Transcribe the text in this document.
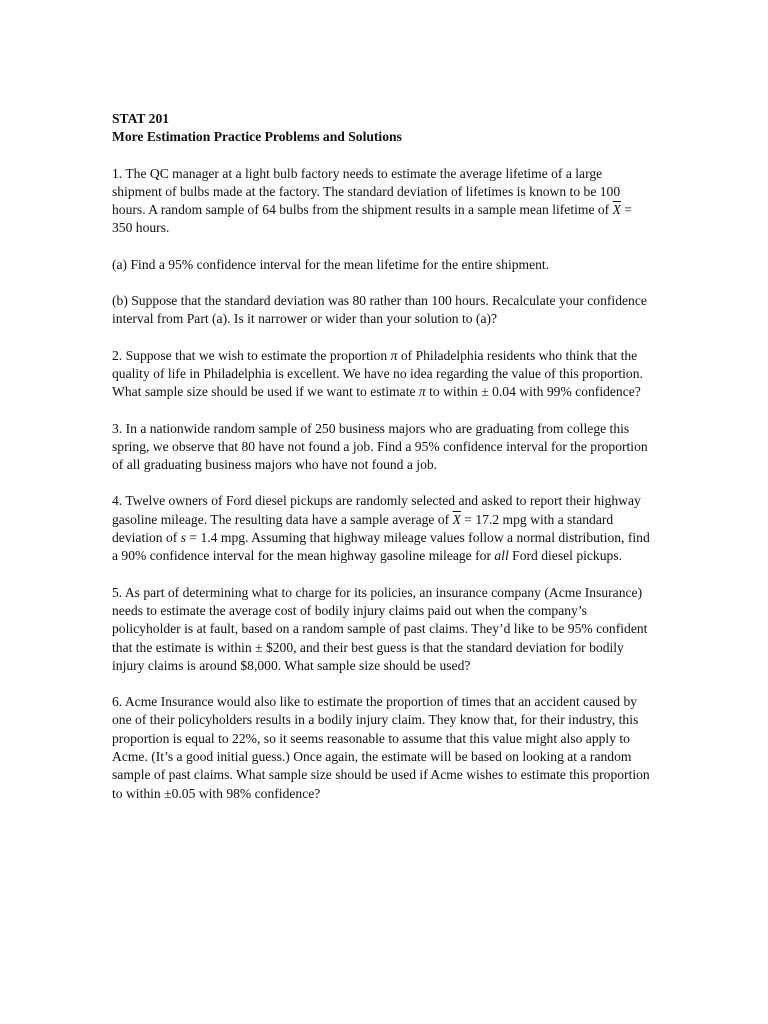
STAT 201
More Estimation Practice Problems and Solutions

1. The QC manager at a light bulb factory needs to estimate the average lifetime of a large shipment of bulbs made at the factory. The standard deviation of lifetimes is known to be 100 hours. A random sample of 64 bulbs from the shipment results in a sample mean lifetime of $\overline{X} = 350$ hours.

(a) Find a 95% confidence interval for the mean lifetime for the entire shipment.

(b) Suppose that the standard deviation was 80 rather than 100 hours. Recalculate your confidence interval from Part (a). Is it narrower or wider than your solution to (a)?

2. Suppose that we wish to estimate the proportion π of Philadelphia residents who think that the quality of life in Philadelphia is excellent. We have no idea regarding the value of this proportion. What sample size should be used if we want to estimate π to within ± 0.04 with 99% confidence?

3. In a nationwide random sample of 250 business majors who are graduating from college this spring, we observe that 80 have not found a job. Find a 95% confidence interval for the proportion of all graduating business majors who have not found a job.

4. Twelve owners of Ford diesel pickups are randomly selected and asked to report their highway gasoline mileage. The resulting data have a sample average of $\overline{X} = 17.2$ mpg with a standard deviation of s = 1.4 mpg. Assuming that highway mileage values follow a normal distribution, find a 90% confidence interval for the mean highway gasoline mileage for all Ford diesel pickups.

5. As part of determining what to charge for its policies, an insurance company (Acme Insurance) needs to estimate the average cost of bodily injury claims paid out when the company’s policyholder is at fault, based on a random sample of past claims. They’d like to be 95% confident that the estimate is within ± $200, and their best guess is that the standard deviation for bodily injury claims is around $8,000. What sample size should be used?

6. Acme Insurance would also like to estimate the proportion of times that an accident caused by one of their policyholders results in a bodily injury claim. They know that, for their industry, this proportion is equal to 22%, so it seems reasonable to assume that this value might also apply to Acme. (It’s a good initial guess.) Once again, the estimate will be based on looking at a random sample of past claims. What sample size should be used if Acme wishes to estimate this proportion to within ±0.05 with 98% confidence?
